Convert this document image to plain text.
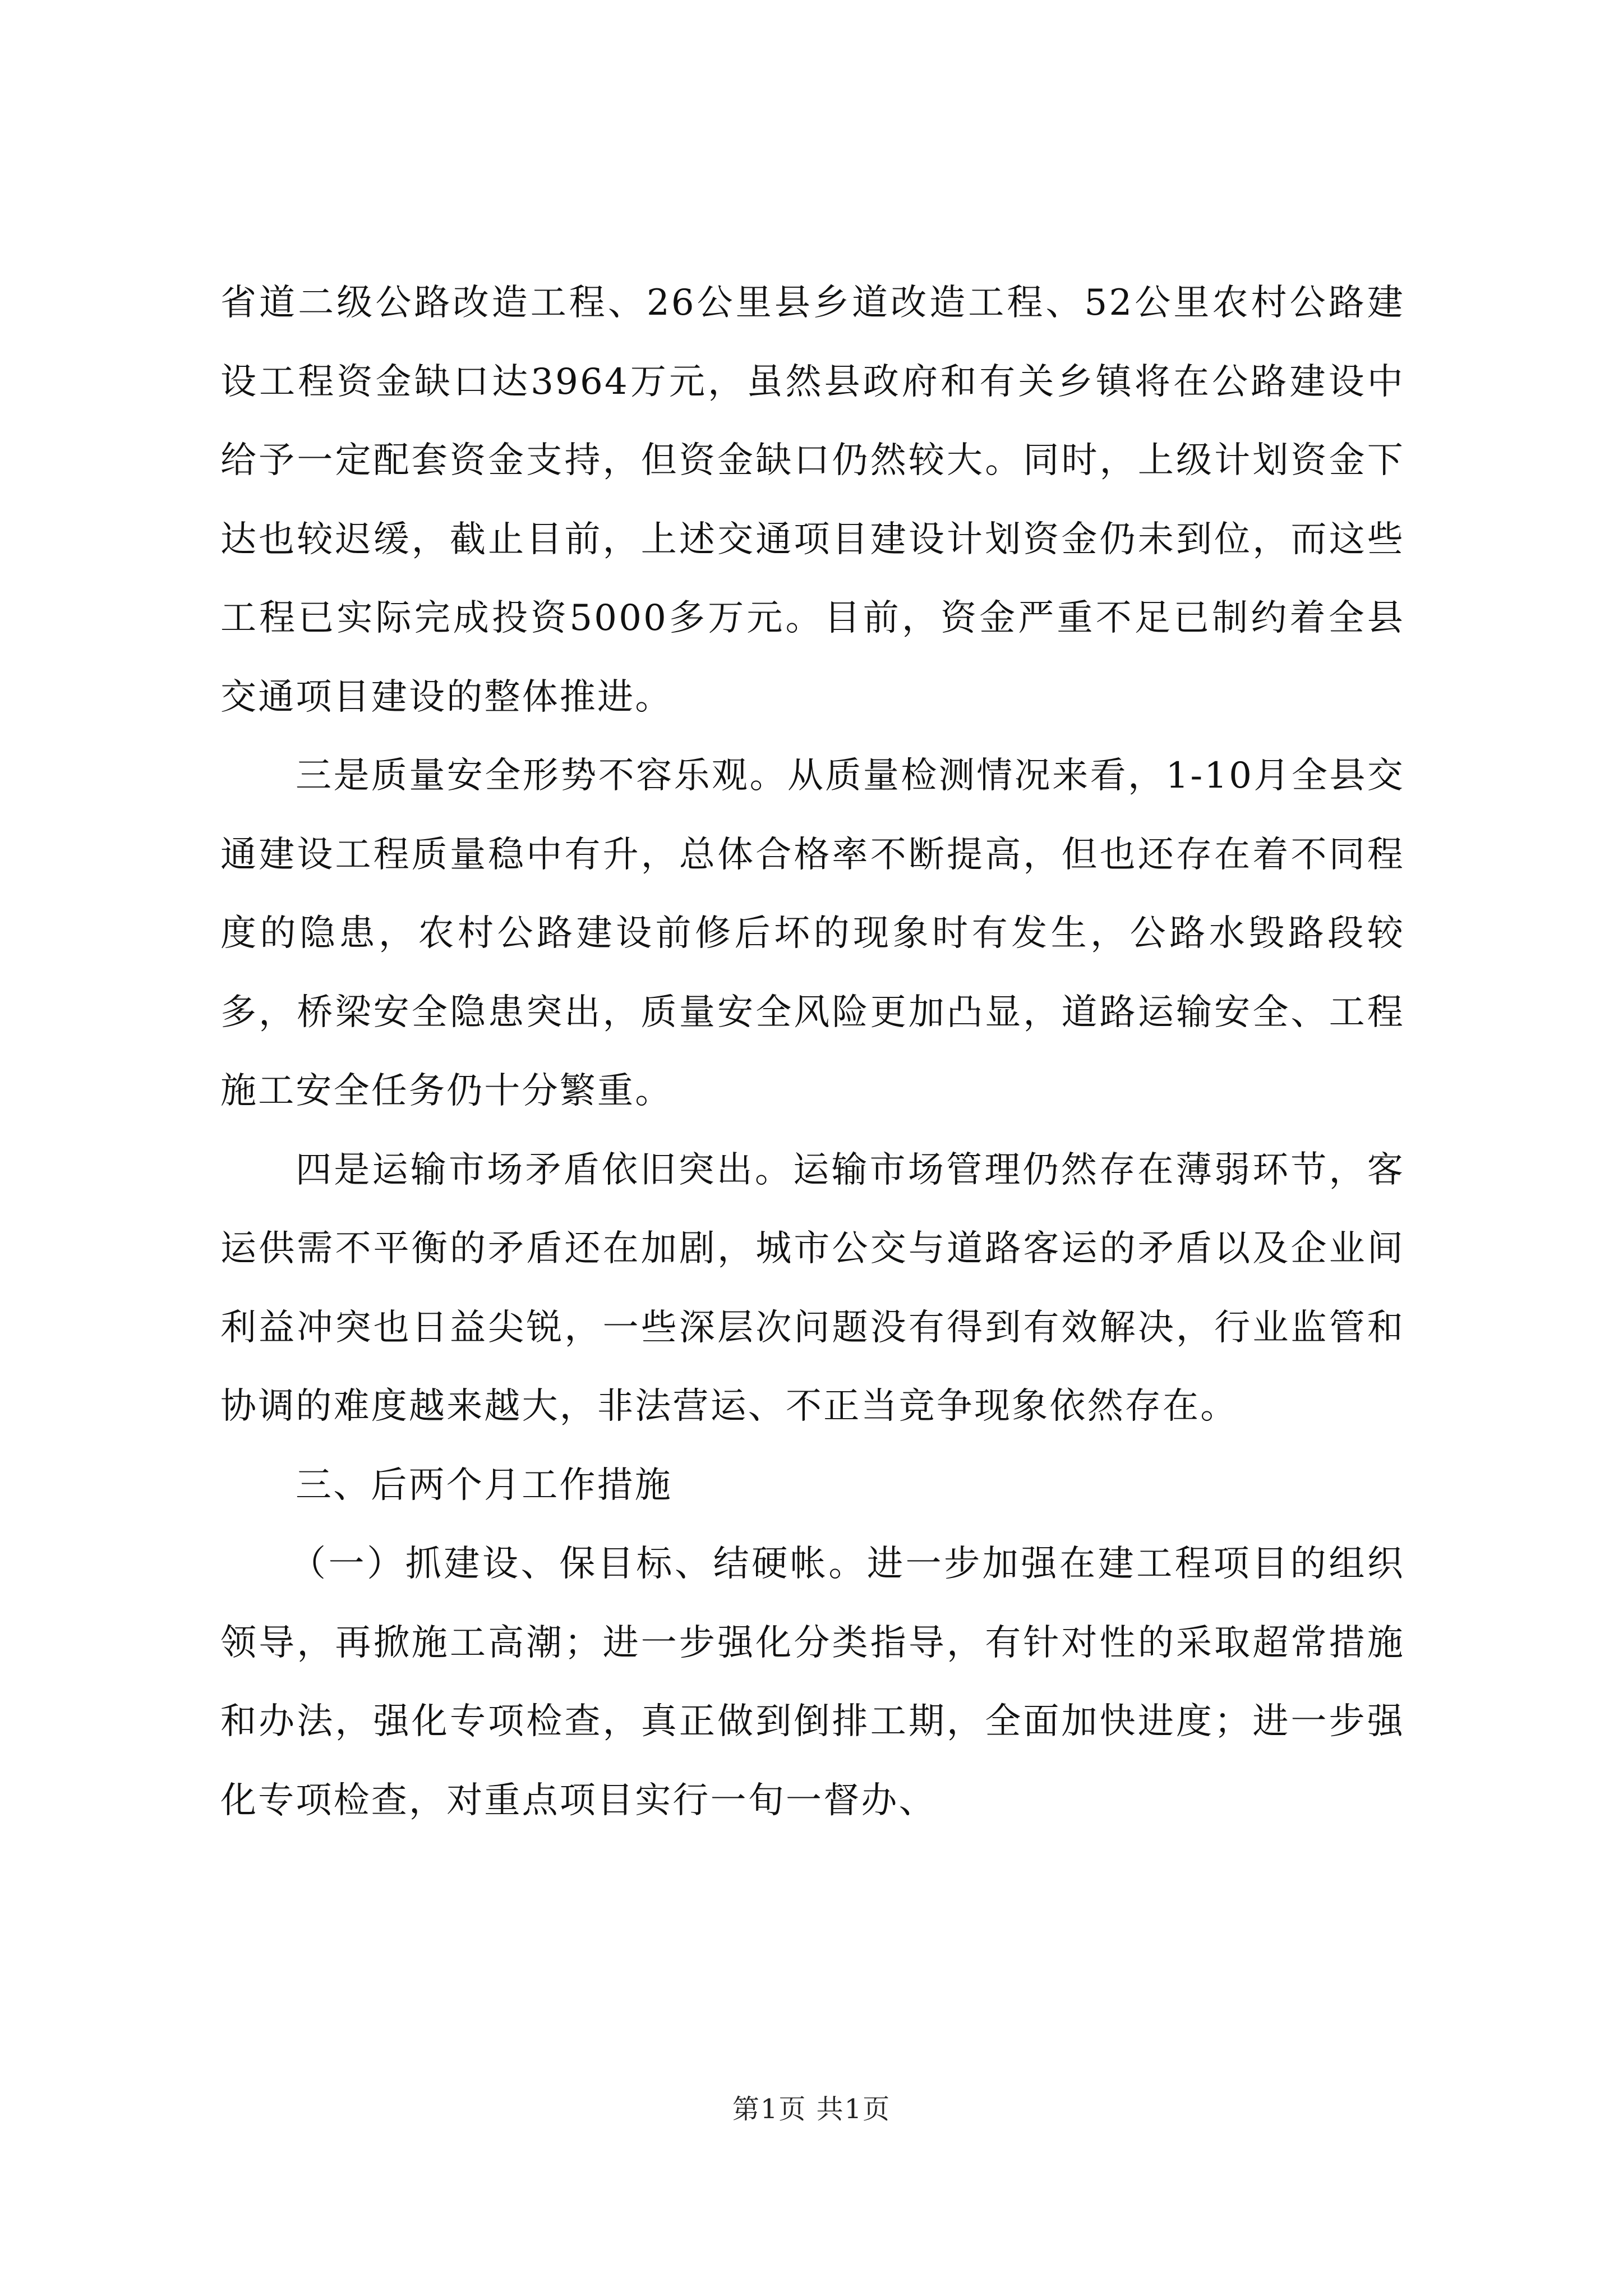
省道二级公路改造工程、26公里县乡道改造工程、52公里农村公路建设工程资金缺口达3964万元，虽然县政府和有关乡镇将在公路建设中给予一定配套资金支持，但资金缺口仍然较大。同时，上级计划资金下达也较迟缓，截止目前，上述交通项目建设计划资金仍未到位，而这些工程已实际完成投资5000多万元。目前，资金严重不足已制约着全县交通项目建设的整体推进。

三是质量安全形势不容乐观。从质量检测情况来看，1-10月全县交通建设工程质量稳中有升，总体合格率不断提高，但也还存在着不同程度的隐患，农村公路建设前修后坏的现象时有发生，公路水毁路段较多，桥梁安全隐患突出，质量安全风险更加凸显，道路运输安全、工程施工安全任务仍十分繁重。

四是运输市场矛盾依旧突出。运输市场管理仍然存在薄弱环节，客运供需不平衡的矛盾还在加剧，城市公交与道路客运的矛盾以及企业间利益冲突也日益尖锐，一些深层次问题没有得到有效解决，行业监管和协调的难度越来越大，非法营运、不正当竞争现象依然存在。

三、后两个月工作措施

（一）抓建设、保目标、结硬帐。进一步加强在建工程项目的组织领导，再掀施工高潮；进一步强化分类指导，有针对性的采取超常措施和办法，强化专项检查，真正做到倒排工期，全面加快进度；进一步强化专项检查，对重点项目实行一旬一督办、

第1页 共1页
